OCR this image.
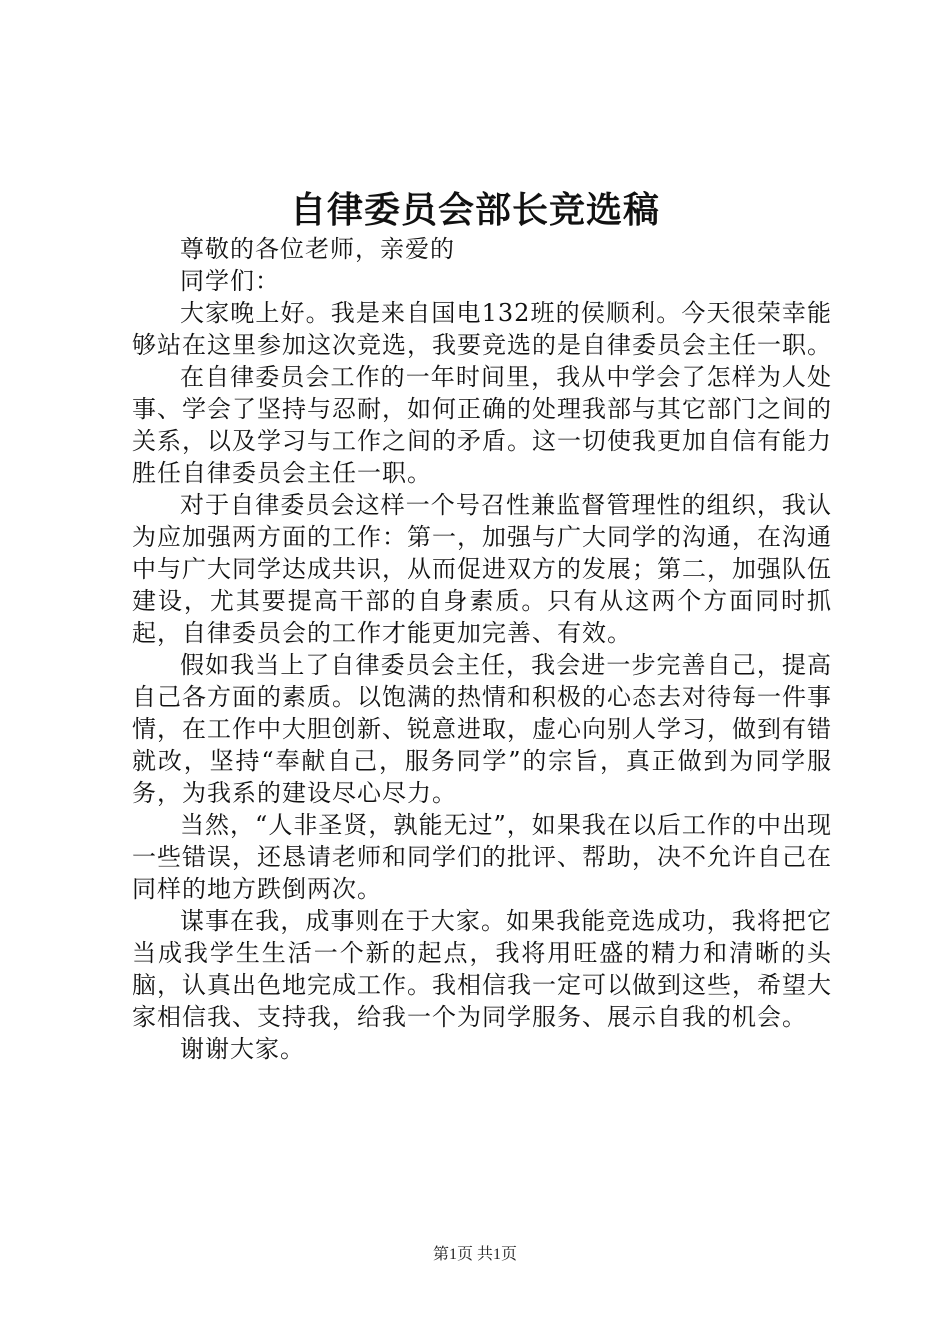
自律委员会部长竞选稿

尊敬的各位老师，亲爱的

同学们：

大家晚上好。我是来自国电132班的侯顺利。今天很荣幸能够站在这里参加这次竞选，我要竞选的是自律委员会主任一职。

在自律委员会工作的一年时间里，我从中学会了怎样为人处事、学会了坚持与忍耐，如何正确的处理我部与其它部门之间的关系，以及学习与工作之间的矛盾。这一切使我更加自信有能力胜任自律委员会主任一职。

对于自律委员会这样一个号召性兼监督管理性的组织，我认为应加强两方面的工作：第一，加强与广大同学的沟通，在沟通中与广大同学达成共识，从而促进双方的发展；第二，加强队伍建设，尤其要提高干部的自身素质。只有从这两个方面同时抓起，自律委员会的工作才能更加完善、有效。

假如我当上了自律委员会主任，我会进一步完善自己，提高自己各方面的素质。以饱满的热情和积极的心态去对待每一件事情，在工作中大胆创新、锐意进取，虚心向别人学习，做到有错就改，坚持“奉献自己，服务同学”的宗旨，真正做到为同学服务，为我系的建设尽心尽力。

当然，“人非圣贤，孰能无过”，如果我在以后工作的中出现一些错误，还恳请老师和同学们的批评、帮助，决不允许自己在同样的地方跌倒两次。

谋事在我，成事则在于大家。如果我能竞选成功，我将把它当成我学生生活一个新的起点，我将用旺盛的精力和清晰的头脑，认真出色地完成工作。我相信我一定可以做到这些，希望大家相信我、支持我，给我一个为同学服务、展示自我的机会。

谢谢大家。

第1页 共1页
